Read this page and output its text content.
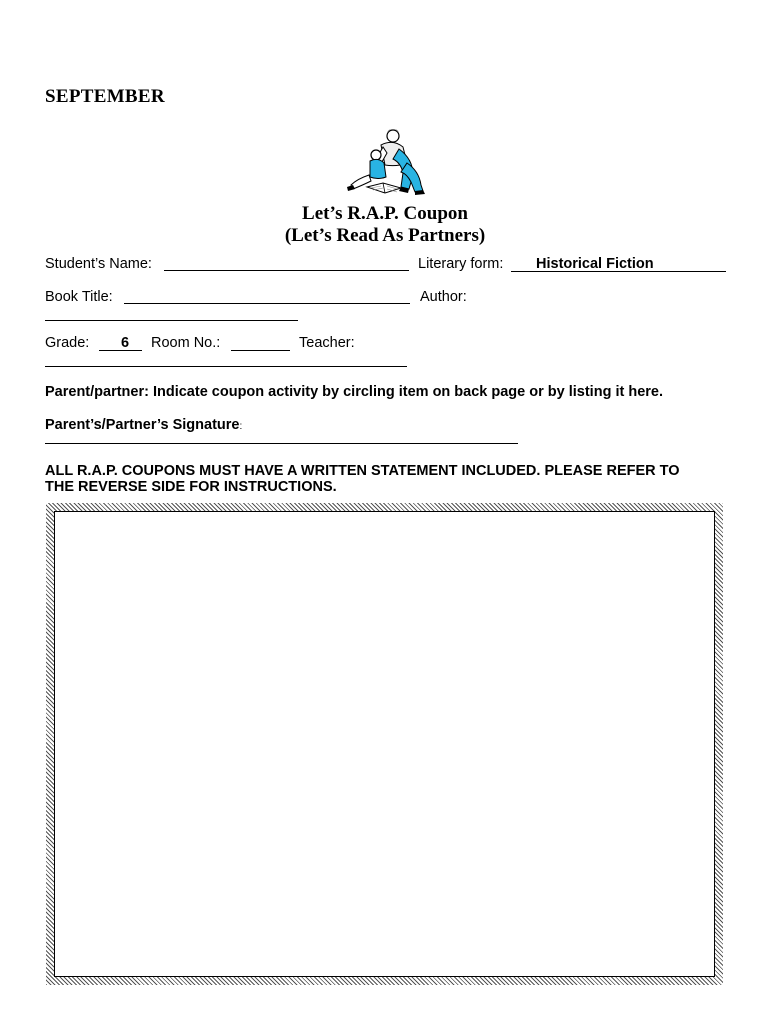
SEPTEMBER
Let’s R.A.P. Coupon
(Let’s Read As Partners)
Student’s Name:	Literary form: Historical Fiction
Book Title:	Author:
Grade: 6 Room No.:	Teacher:
Parent/partner: Indicate coupon activity by circling item on back page or by listing it here.
Parent’s/Partner’s Signature:
ALL R.A.P. COUPONS MUST HAVE A WRITTEN STATEMENT INCLUDED. PLEASE REFER TO
THE REVERSE SIDE FOR INSTRUCTIONS.
